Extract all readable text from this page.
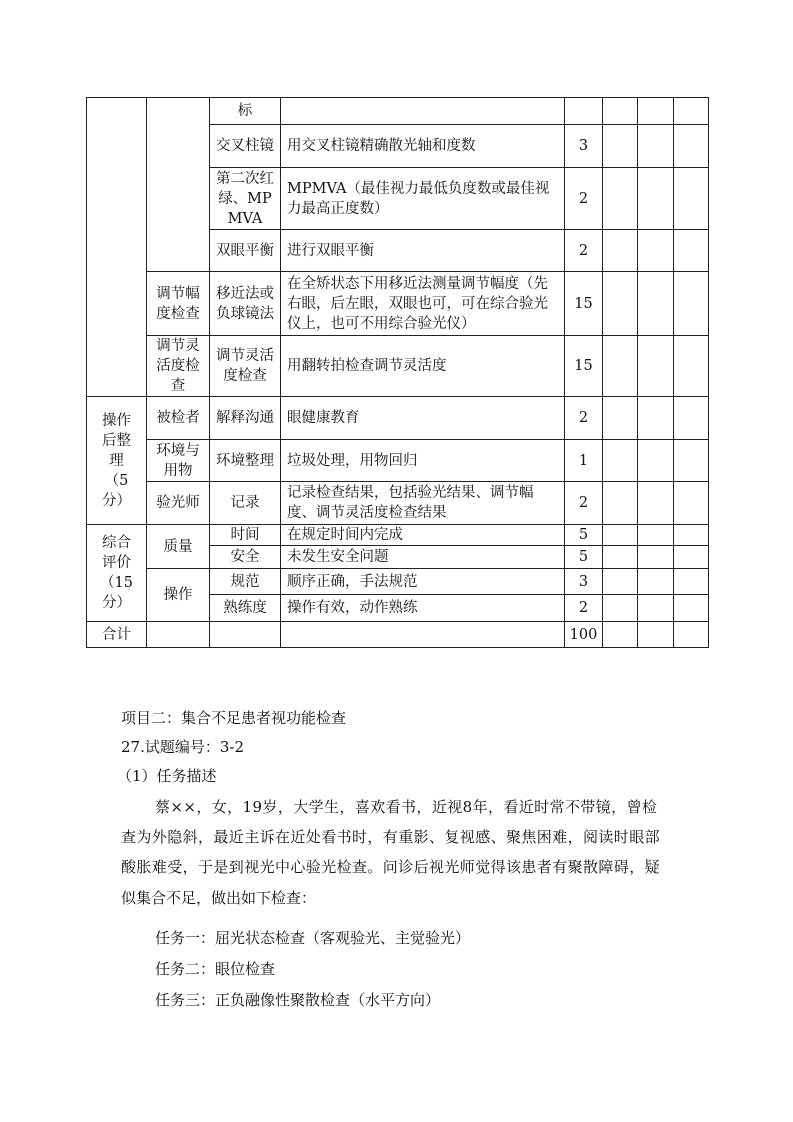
		标					
		交叉柱镜	用交叉柱镜精确散光轴和度数	3			
		第二次红绿、MPMVA	MPMVA（最佳视力最低负度数或最佳视力最高正度数）	2			
		双眼平衡	进行双眼平衡	2			
	调节幅度检查	移近法或负球镜法	在全矫状态下用移近法测量调节幅度（先右眼，后左眼，双眼也可，可在综合验光仪上，也可不用综合验光仪）	15			
	调节灵活度检查	调节灵活度检查	用翻转拍检查调节灵活度	15			
操作后整理（5分）	被检者	解释沟通	眼健康教育	2			
	环境与用物	环境整理	垃圾处理，用物回归	1			
	验光师	记录	记录检查结果，包括验光结果、调节幅度、调节灵活度检查结果	2			
综合评价（15分）	质量	时间	在规定时间内完成	5			
		安全	未发生安全问题	5			
	操作	规范	顺序正确，手法规范	3			
		熟练度	操作有效，动作熟练	2			
合计				100			
项目二：集合不足患者视功能检查
27.试题编号：3-2
（1）任务描述
蔡××，女，19岁，大学生，喜欢看书，近视8年，看近时常不带镜，曾检
查为外隐斜，最近主诉在近处看书时，有重影、复视感、聚焦困难，阅读时眼部
酸胀难受，于是到视光中心验光检查。问诊后视光师觉得该患者有聚散障碍，疑
似集合不足，做出如下检查：
任务一：屈光状态检查（客观验光、主觉验光）
任务二：眼位检查
任务三：正负融像性聚散检查（水平方向）
